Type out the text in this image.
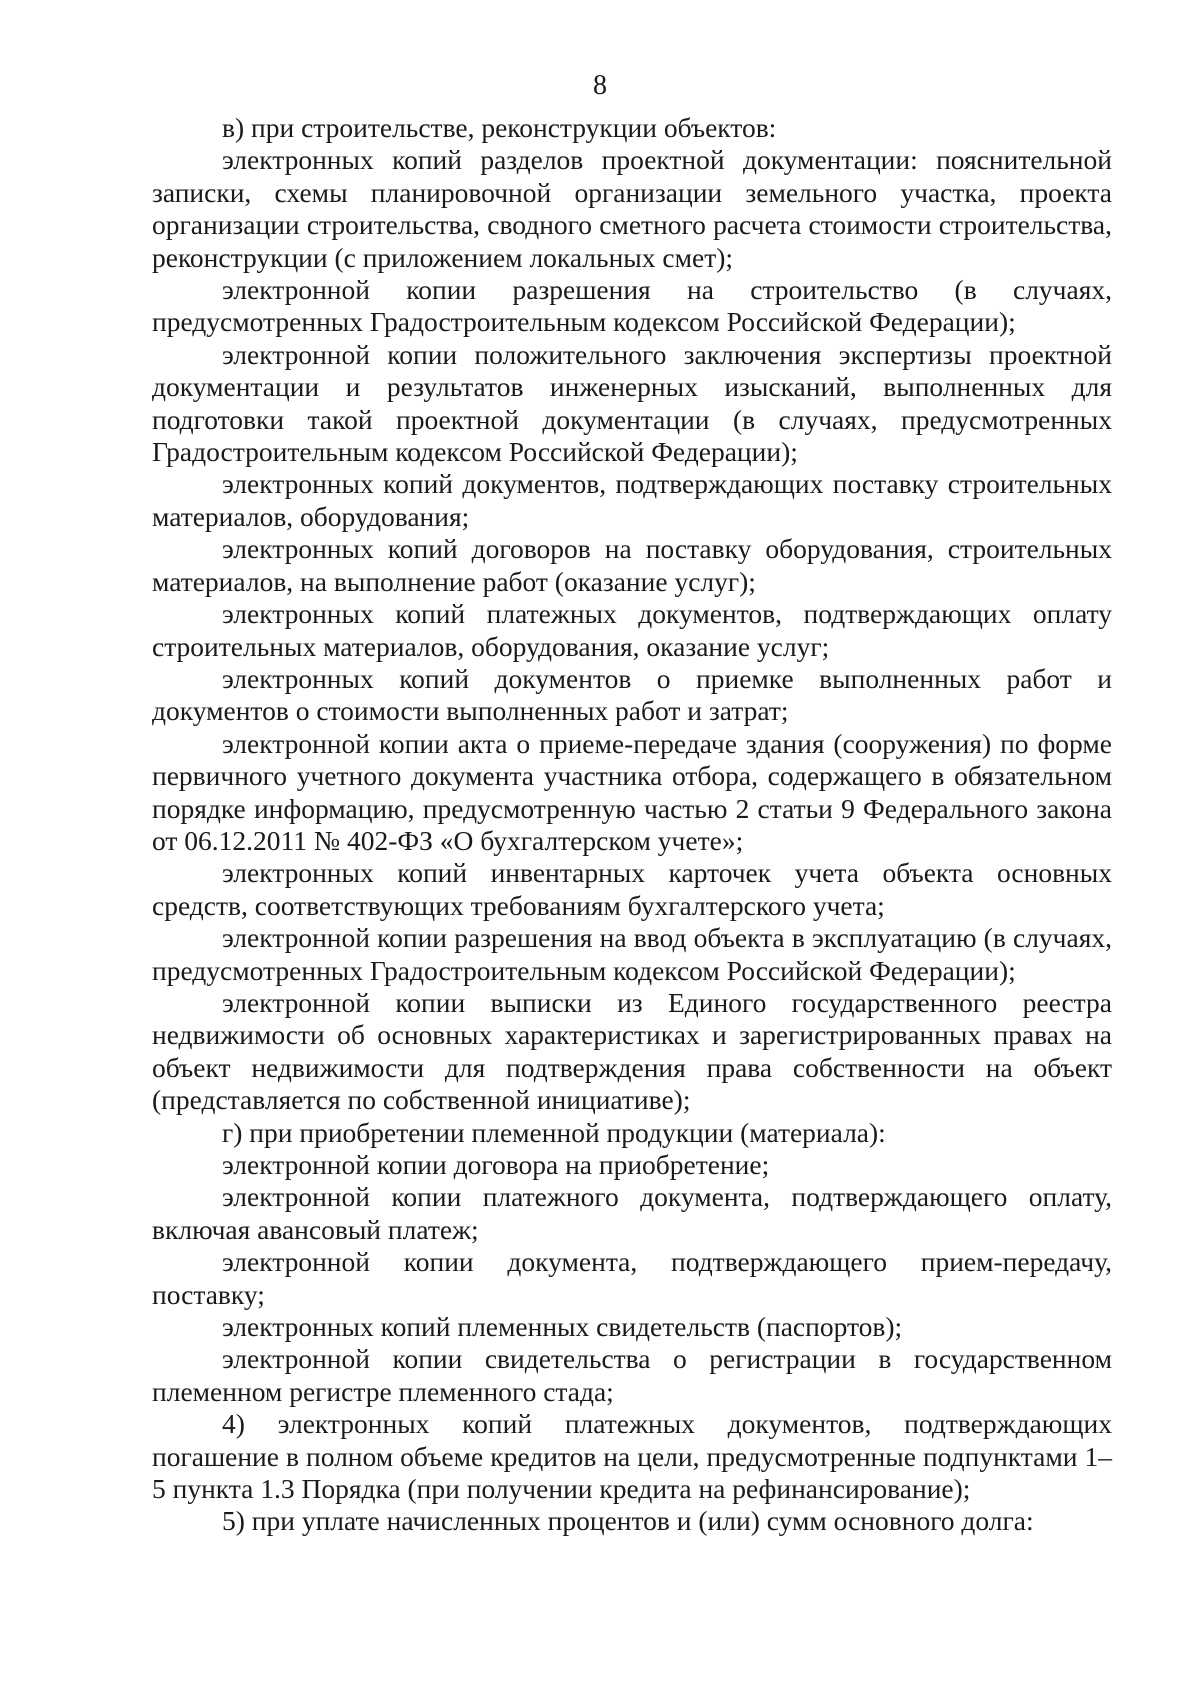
8

в) при строительстве, реконструкции объектов:

электронных копий разделов проектной документации: пояснительной записки, схемы планировочной организации земельного участка, проекта организации строительства, сводного сметного расчета стоимости строительства, реконструкции (с приложением локальных смет);

электронной копии разрешения на строительство (в случаях, предусмотренных Градостроительным кодексом Российской Федерации);

электронной копии положительного заключения экспертизы проектной документации и результатов инженерных изысканий, выполненных для подготовки такой проектной документации (в случаях, предусмотренных Градостроительным кодексом Российской Федерации);

электронных копий документов, подтверждающих поставку строительных материалов, оборудования;

электронных копий договоров на поставку оборудования, строительных материалов, на выполнение работ (оказание услуг);

электронных копий платежных документов, подтверждающих оплату строительных материалов, оборудования, оказание услуг;

электронных копий документов о приемке выполненных работ и документов о стоимости выполненных работ и затрат;

электронной копии акта о приеме-передаче здания (сооружения) по форме первичного учетного документа участника отбора, содержащего в обязательном порядке информацию, предусмотренную частью 2 статьи 9 Федерального закона от 06.12.2011 № 402-ФЗ «О бухгалтерском учете»;

электронных копий инвентарных карточек учета объекта основных средств, соответствующих требованиям бухгалтерского учета;

электронной копии разрешения на ввод объекта в эксплуатацию (в случаях, предусмотренных Градостроительным кодексом Российской Федерации);

электронной копии выписки из Единого государственного реестра недвижимости об основных характеристиках и зарегистрированных правах на объект недвижимости для подтверждения права собственности на объект (представляется по собственной инициативе);

г) при приобретении племенной продукции (материала):

электронной копии договора на приобретение;

электронной копии платежного документа, подтверждающего оплату, включая авансовый платеж;

электронной копии документа, подтверждающего прием-передачу, поставку;

электронных копий племенных свидетельств (паспортов);

электронной копии свидетельства о регистрации в государственном племенном регистре племенного стада;

4) электронных копий платежных документов, подтверждающих погашение в полном объеме кредитов на цели, предусмотренные подпунктами 1–5 пункта 1.3 Порядка (при получении кредита на рефинансирование);

5) при уплате начисленных процентов и (или) сумм основного долга:
